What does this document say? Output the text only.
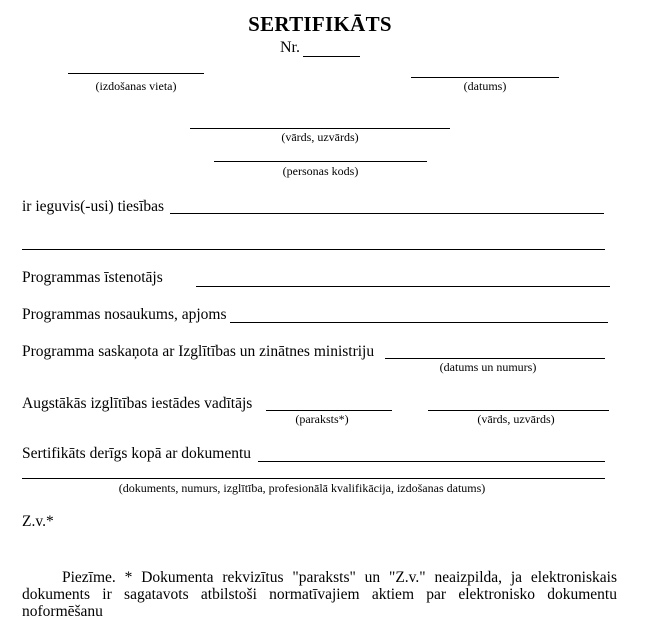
SERTIFIKĀTS
Nr.
(izdošanas vieta)	(datums)
(vārds, uzvārds)
(personas kods)
ir ieguvis(-usi) tiesības
Programmas īstenotājs
Programmas nosaukums, apjoms
Programma saskaņota ar Izglītības un zinātnes ministriju
(datums un numurs)
Augstākās izglītības iestādes vadītājs
(paraksts*)	(vārds, uzvārds)
Sertifikāts derīgs kopā ar dokumentu
(dokuments, numurs, izglītība, profesionālā kvalifikācija, izdošanas datums)
Z.v.*
Piezīme. * Dokumenta rekvizītus "paraksts" un "Z.v." neaizpilda, ja elektroniskais
dokuments ir sagatavots atbilstoši normatīvajiem aktiem par elektronisko dokumentu
noformēšanu
